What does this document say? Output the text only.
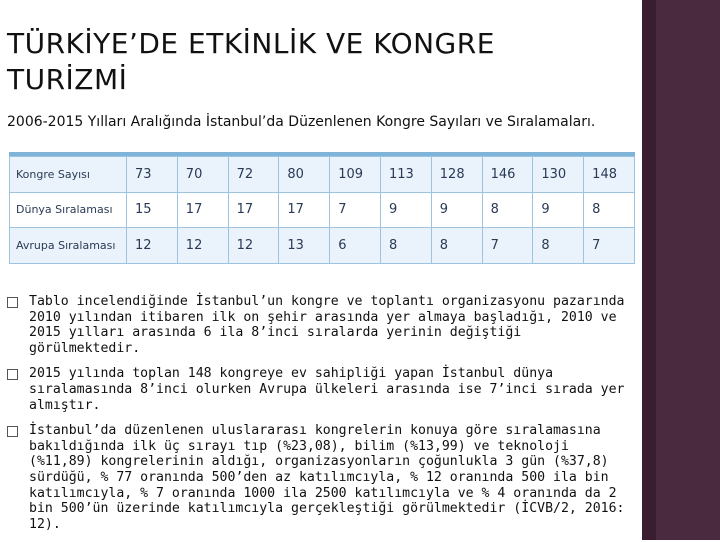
TÜRKİYE’DE ETKİNLİK VE KONGRE TURİZMİ
2006-2015 Yılları Aralığında İstanbul’da Düzenlenen Kongre Sayıları ve Sıralamaları.
Kongre Sayısı	73	70	72	80	109	113	128	146	130	148
Dünya Sıralaması	15	17	17	17	7	9	9	8	9	8
Avrupa Sıralaması	12	12	12	13	6	8	8	7	8	7
Tablo incelendiğinde İstanbul’un kongre ve toplantı organizasyonu pazarında 2010 yılından itibaren ilk on şehir arasında yer almaya başladığı, 2010 ve 2015 yılları arasında 6 ila 8’inci sıralarda yerinin değiştiği görülmektedir.
2015 yılında toplan 148 kongreye ev sahipliği yapan İstanbul dünya sıralamasında 8’inci olurken Avrupa ülkeleri arasında ise 7’inci sırada yer almıştır.
İstanbul’da düzenlenen uluslararası kongrelerin konuya göre sıralamasına bakıldığında ilk üç sırayı tıp (%23,08), bilim (%13,99) ve teknoloji (%11,89) kongrelerinin aldığı, organizasyonların çoğunlukla 3 gün (%37,8) sürdüğü, % 77 oranında 500’den az katılımcıyla, % 12 oranında 500 ila bin katılımcıyla, % 7 oranında 1000 ila 2500 katılımcıyla ve % 4 oranında da 2 bin 500’ün üzerinde katılımcıyla gerçekleştiği görülmektedir (İCVB/2, 2016: 12).
